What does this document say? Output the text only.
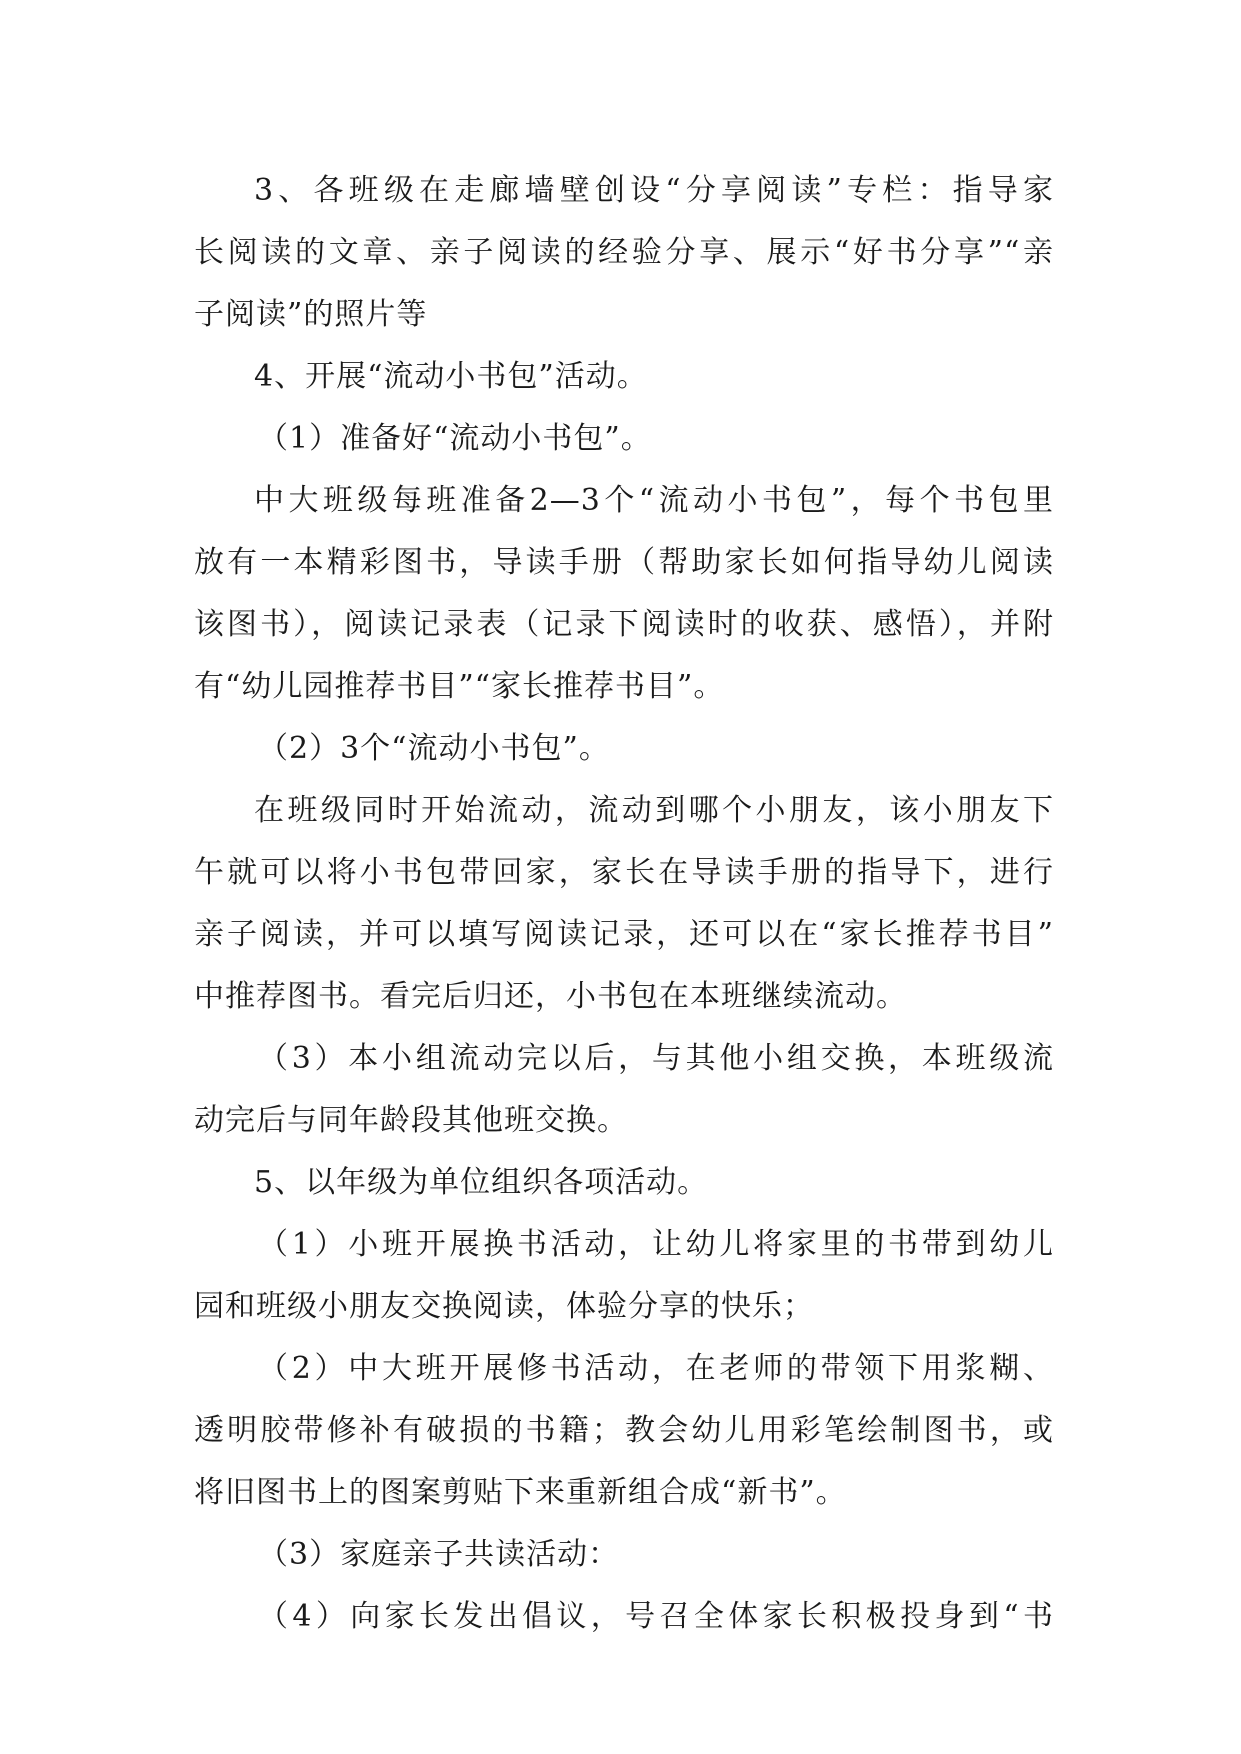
3、各班级在走廊墙壁创设“分享阅读”专栏：指导家
长阅读的文章、亲子阅读的经验分享、展示“好书分享”“亲
子阅读”的照片等
4、开展“流动小书包”活动。
（1）准备好“流动小书包”。
中大班级每班准备2—3个“流动小书包”，每个书包里
放有一本精彩图书，导读手册（帮助家长如何指导幼儿阅读
该图书），阅读记录表（记录下阅读时的收获、感悟），并附
有“幼儿园推荐书目”“家长推荐书目”。
（2）3个“流动小书包”。
在班级同时开始流动，流动到哪个小朋友，该小朋友下
午就可以将小书包带回家，家长在导读手册的指导下，进行
亲子阅读，并可以填写阅读记录，还可以在“家长推荐书目”
中推荐图书。看完后归还，小书包在本班继续流动。
（3）本小组流动完以后，与其他小组交换，本班级流
动完后与同年龄段其他班交换。
5、以年级为单位组织各项活动。
（1）小班开展换书活动，让幼儿将家里的书带到幼儿
园和班级小朋友交换阅读，体验分享的快乐；
（2）中大班开展修书活动，在老师的带领下用浆糊、
透明胶带修补有破损的书籍；教会幼儿用彩笔绘制图书，或
将旧图书上的图案剪贴下来重新组合成“新书”。
（3）家庭亲子共读活动：
（4）向家长发出倡议，号召全体家长积极投身到“书
